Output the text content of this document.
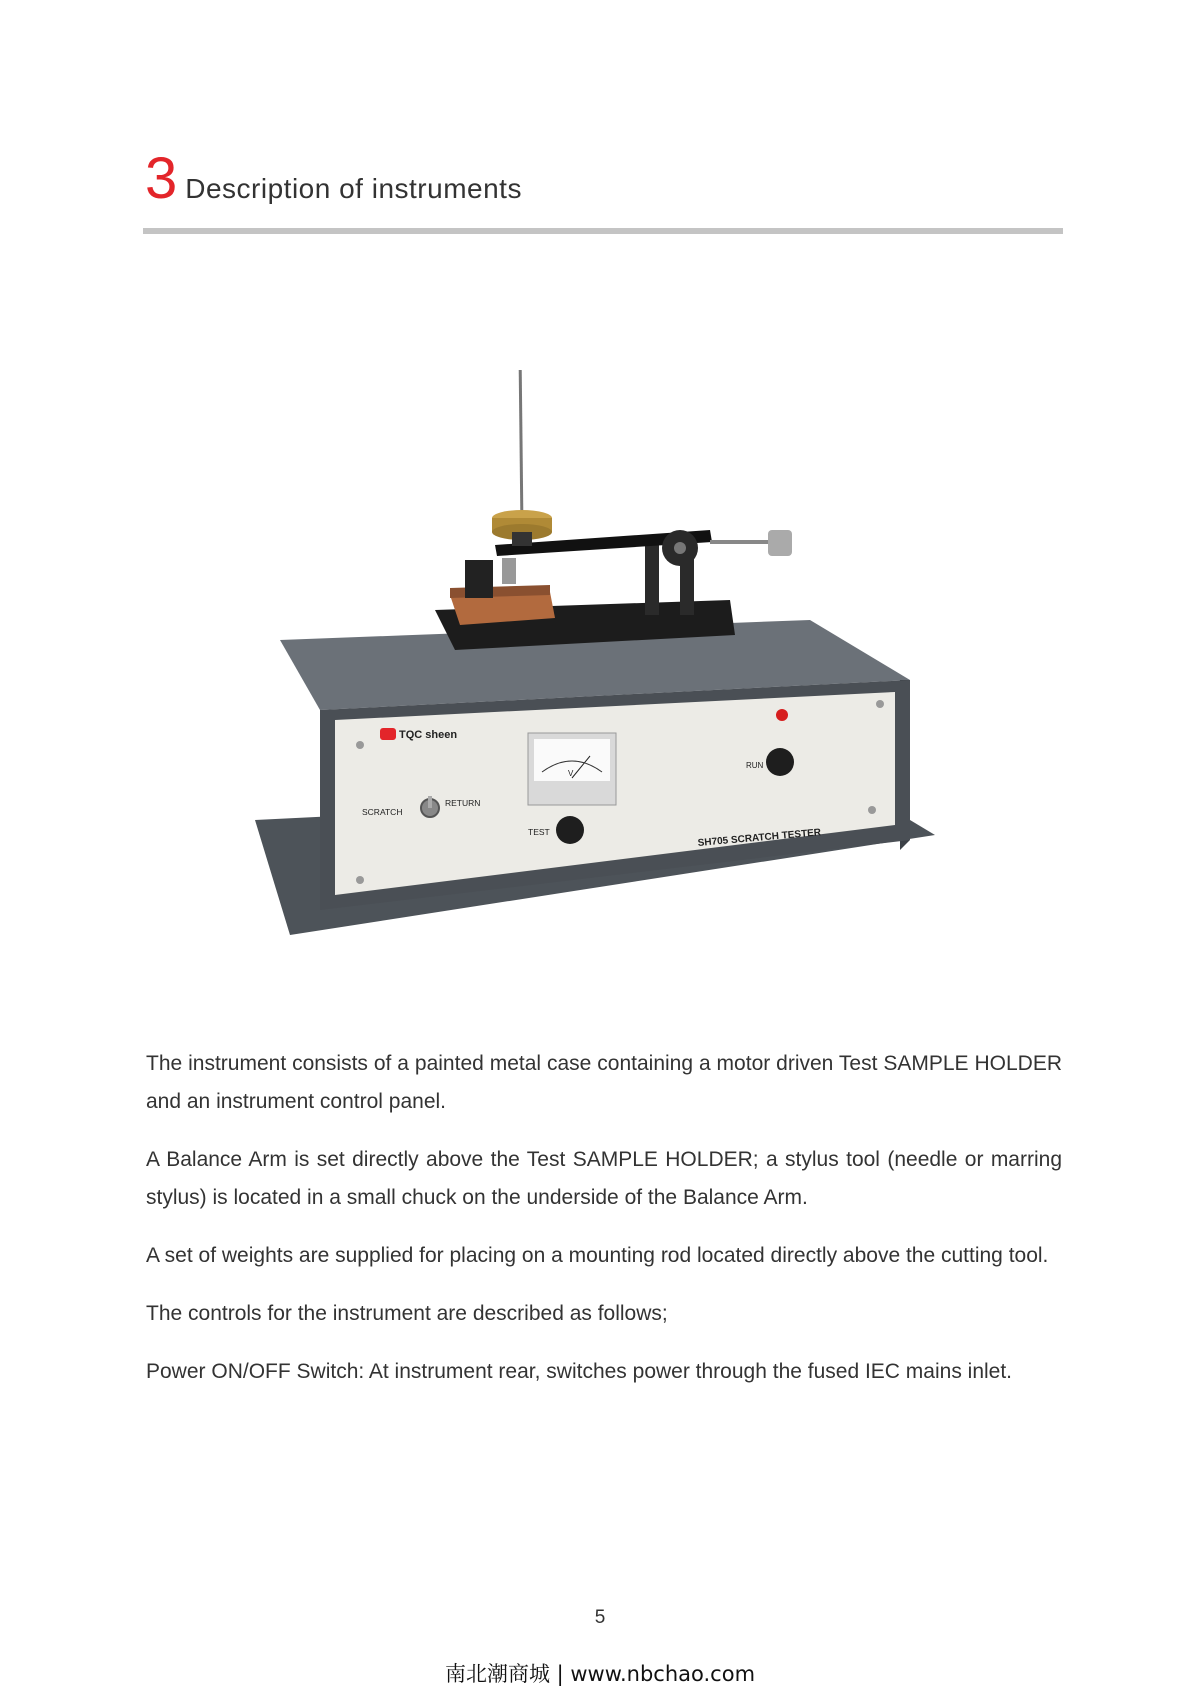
3 Description of instruments
TQC sheen
SCRATCH
RETURN
V
TEST
RUN
SH705 SCRATCH TESTER

The instrument consists of a painted metal case containing a motor driven Test SAMPLE HOLDER and an instrument control panel.

A Balance Arm is set directly above the Test SAMPLE HOLDER; a stylus tool (needle or marring stylus) is located in a small chuck on the underside of the Balance Arm.

A set of weights are supplied for placing on a mounting rod located directly above the cutting tool.

The controls for the instrument are described as follows;

Power ON/OFF Switch: At instrument rear, switches power through the fused IEC mains inlet.

5
南北潮商城 | www.nbchao.com
